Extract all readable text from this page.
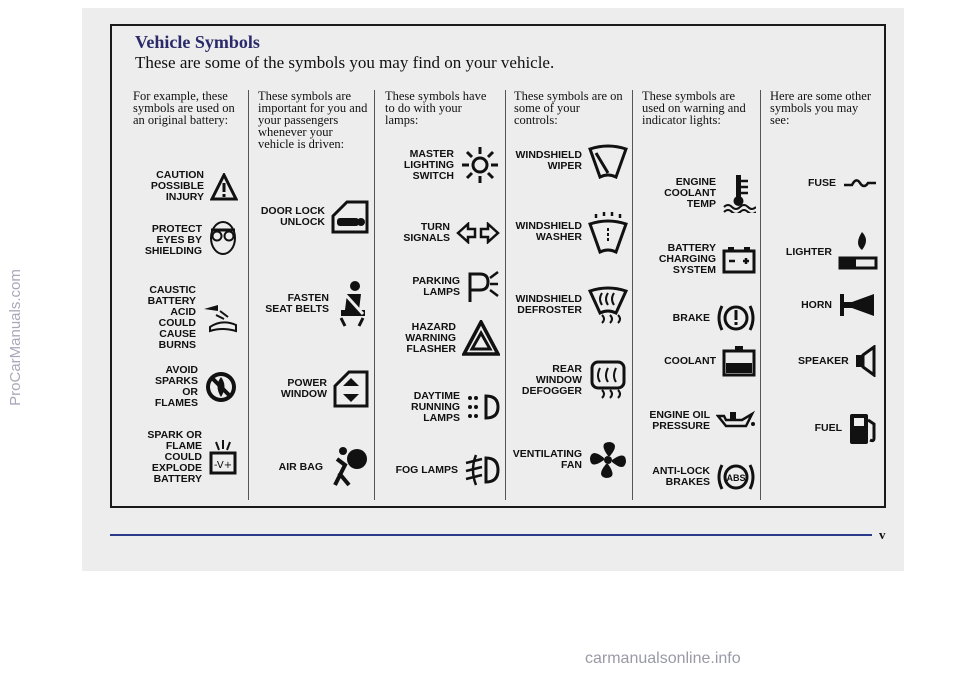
ProCarManuals.com
Vehicle Symbols
These are some of the symbols you may find on your vehicle.
For example, these symbols are used on an original battery:
CAUTION POSSIBLE INJURY
PROTECT EYES BY SHIELDING
CAUSTIC BATTERY ACID COULD CAUSE BURNS
AVOID SPARKS OR FLAMES
SPARK OR FLAME COULD EXPLODE BATTERY
-V+
These symbols are important for you and your passengers whenever your vehicle is driven:
DOOR LOCK UNLOCK
FASTEN SEAT BELTS
POWER WINDOW
AIR BAG
These symbols have to do with your lamps:
MASTER LIGHTING SWITCH
TURN SIGNALS
PARKING LAMPS
HAZARD WARNING FLASHER
DAYTIME RUNNING LAMPS
FOG LAMPS
These symbols are on some of your controls:
WINDSHIELD WIPER
WINDSHIELD WASHER
WINDSHIELD DEFROSTER
REAR WINDOW DEFOGGER
VENTILATING FAN
These symbols are used on warning and indicator lights:
ENGINE COOLANT TEMP
BATTERY CHARGING SYSTEM
BRAKE
COOLANT
ENGINE OIL PRESSURE
ANTI-LOCK BRAKES ABS
Here are some other symbols you may see:
FUSE
LIGHTER
HORN
SPEAKER
FUEL
v
carmanualsonline.info
